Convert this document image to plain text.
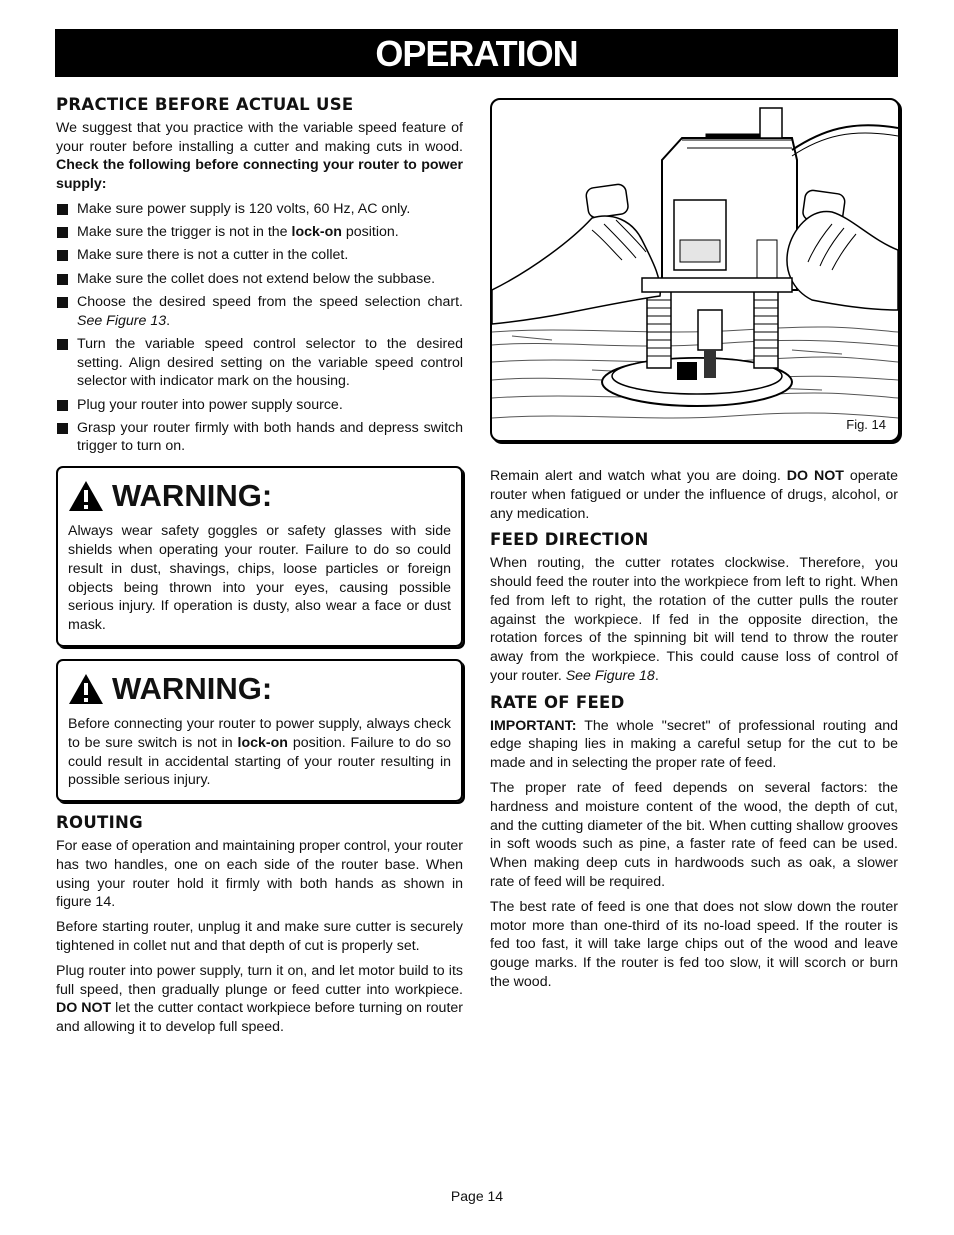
OPERATION
PRACTICE BEFORE ACTUAL USE

We suggest that you practice with the variable speed feature of your router before installing a cutter and making cuts in wood. Check the following before connecting your router to power supply:

Make sure power supply is 120 volts, 60 Hz, AC only.
Make sure the trigger is not in the lock-on position.
Make sure there is not a cutter in the collet.
Make sure the collet does not extend below the subbase.
Choose the desired speed from the speed selection chart. See Figure 13.
Turn the variable speed control selector to the desired setting. Align desired setting on the variable speed control selector with indicator mark on the housing.
Plug your router into power supply source.
Grasp your router firmly with both hands and depress switch trigger to turn on.
WARNING:

Always wear safety goggles or safety glasses with side shields when operating your router. Failure to do so could result in dust, shavings, chips, loose particles or foreign objects being thrown into your eyes, causing possible serious injury. If operation is dusty, also wear a face or dust mask.

WARNING:

Before connecting your router to power supply, always check to be sure switch is not in lock-on position. Failure to do so could result in accidental starting of your router resulting in possible serious injury.

ROUTING

For ease of operation and maintaining proper control, your router has two handles, one on each side of the router base. When using your router hold it firmly with both hands as shown in figure 14.

Before starting router, unplug it and make sure cutter is securely tightened in collet nut and that depth of cut is properly set.

Plug router into power supply, turn it on, and let motor build to its full speed, then gradually plunge or feed cutter into workpiece. DO NOT let the cutter contact workpiece before turning on router and allowing it to develop full speed.

Fig. 14

Remain alert and watch what you are doing. DO NOT operate router when fatigued or under the influence of drugs, alcohol, or any medication.

FEED DIRECTION

When routing, the cutter rotates clockwise. Therefore, you should feed the router into the workpiece from left to right. When fed from left to right, the rotation of the cutter pulls the router against the workpiece. If fed in the opposite direction, the rotation forces of the spinning bit will tend to throw the router away from the workpiece. This could cause loss of control of your router. See Figure 18.

RATE OF FEED

IMPORTANT: The whole "secret" of professional routing and edge shaping lies in making a careful setup for the cut to be made and in selecting the proper rate of feed.

The proper rate of feed depends on several factors: the hardness and moisture content of the wood, the depth of cut, and the cutting diameter of the bit. When cutting shallow grooves in soft woods such as pine, a faster rate of feed can be used. When making deep cuts in hardwoods such as oak, a slower rate of feed will be required.

The best rate of feed is one that does not slow down the router motor more than one-third of its no-load speed. If the router is fed too fast, it will take large chips out of the wood and leave gouge marks. If the router is fed too slow, it will scorch or burn the wood.

Page 14
